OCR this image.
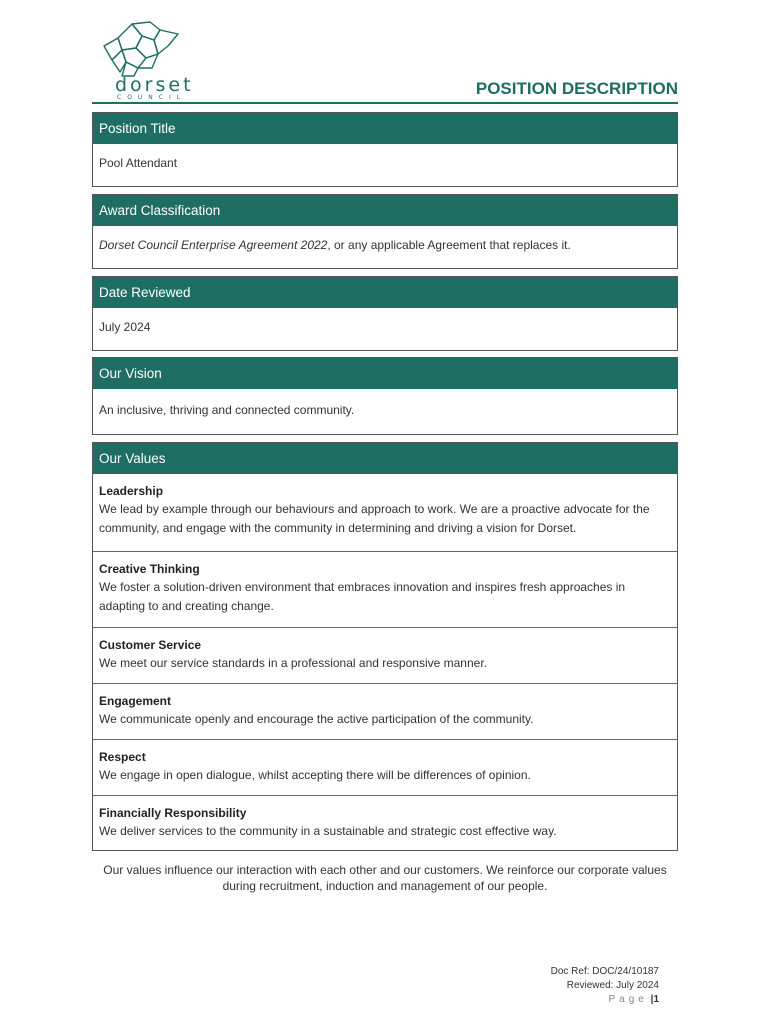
dorset
COUNCIL	POSITION DESCRIPTION
Position Title
Pool Attendant
Award Classification
Dorset Council Enterprise Agreement 2022, or any applicable Agreement that replaces it.
Date Reviewed
July 2024
Our Vision
An inclusive, thriving and connected community.
Our Values
Leadership
We lead by example through our behaviours and approach to work. We are a proactive advocate for the community, and engage with the community in determining and driving a vision for Dorset.
Creative Thinking
We foster a solution-driven environment that embraces innovation and inspires fresh approaches in adapting to and creating change.
Customer Service
We meet our service standards in a professional and responsive manner.
Engagement
We communicate openly and encourage the active participation of the community.
Respect
We engage in open dialogue, whilst accepting there will be differences of opinion.
Financially Responsibility
We deliver services to the community in a sustainable and strategic cost effective way.
Our values influence our interaction with each other and our customers. We reinforce our corporate values during recruitment, induction and management of our people.
Doc Ref: DOC/24/10187
Reviewed: July 2024
Page |1
